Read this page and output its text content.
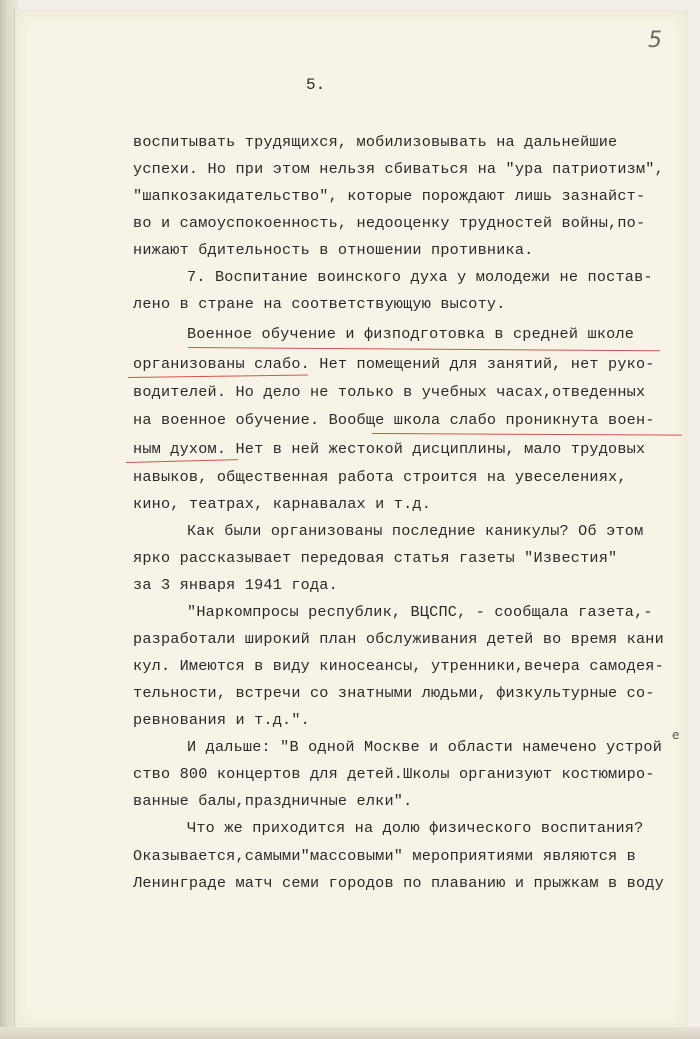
5
5.
воспитывать трудящихся, мобилизовывать на дальнейшие
успехи. Но при этом нельзя сбиваться на "ура патриотизм",
"шапкозакидательство", которые порождают лишь зазнайст-
во и самоуспокоенность, недооценку трудностей войны,по-
нижают бдительность в отношении противника.
7. Воспитание воинского духа у молодежи не постав-
лено в стране на соответствующую высоту.
Военное обучение и физподготовка в средней школе
организованы слабо. Нет помещений для занятий, нет руко-
водителей. Но дело не только в учебных часах,отведенных
на военное обучение. Вообще школа слабо проникнута воен-
ным духом. Нет в ней жестокой дисциплины, мало трудовых
навыков, общественная работа строится на увеселениях,
кино, театрах, карнавалах и т.д.
Как были организованы последние каникулы? Об этом
ярко рассказывает передовая статья газеты "Известия"
за 3 января 1941 года.
"Наркомпросы республик, ВЦСПС, - сообщала газета,-
разработали широкий план обслуживания детей во время кани
кул. Имеются в виду киносеансы, утренники,вечера самодея-
тельности, встречи со знатными людьми, физкультурные со-
ревнования и т.д.".
И дальше: "В одной Москве и области намечено устрой
ство 800 концертов для детей.Школы организуют костюмиро-
ванные балы,праздничные елки".
Что же приходится на долю физического воспитания?
Оказывается,самыми"массовыми" мероприятиями являются в
Ленинграде матч семи городов по плаванию и прыжкам в воду
e
